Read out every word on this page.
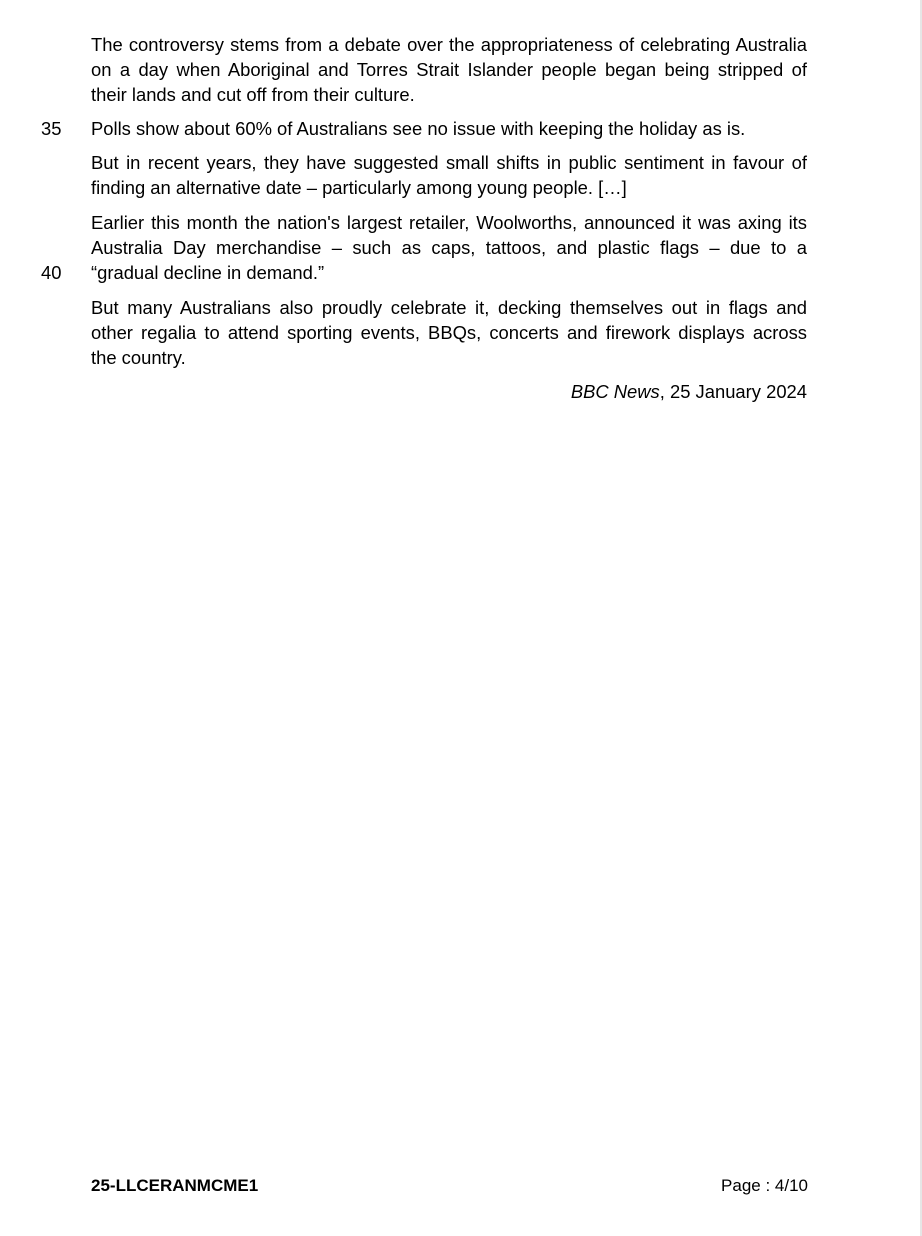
The controversy stems from a debate over the appropriateness of celebrating Australia
on a day when Aboriginal and Torres Strait Islander people began being stripped of
their lands and cut off from their culture.
35 Polls show about 60% of Australians see no issue with keeping the holiday as is.
But in recent years, they have suggested small shifts in public sentiment in favour of
finding an alternative date – particularly among young people. […]
Earlier this month the nation's largest retailer, Woolworths, announced it was axing its
Australia Day merchandise – such as caps, tattoos, and plastic flags – due to a
“gradual decline in demand.”
40
But many Australians also proudly celebrate it, decking themselves out in flags and
other regalia to attend sporting events, BBQs, concerts and firework displays across
the country.
BBC News, 25 January 2024
25-LLCERANMCME1	Page : 4/10
